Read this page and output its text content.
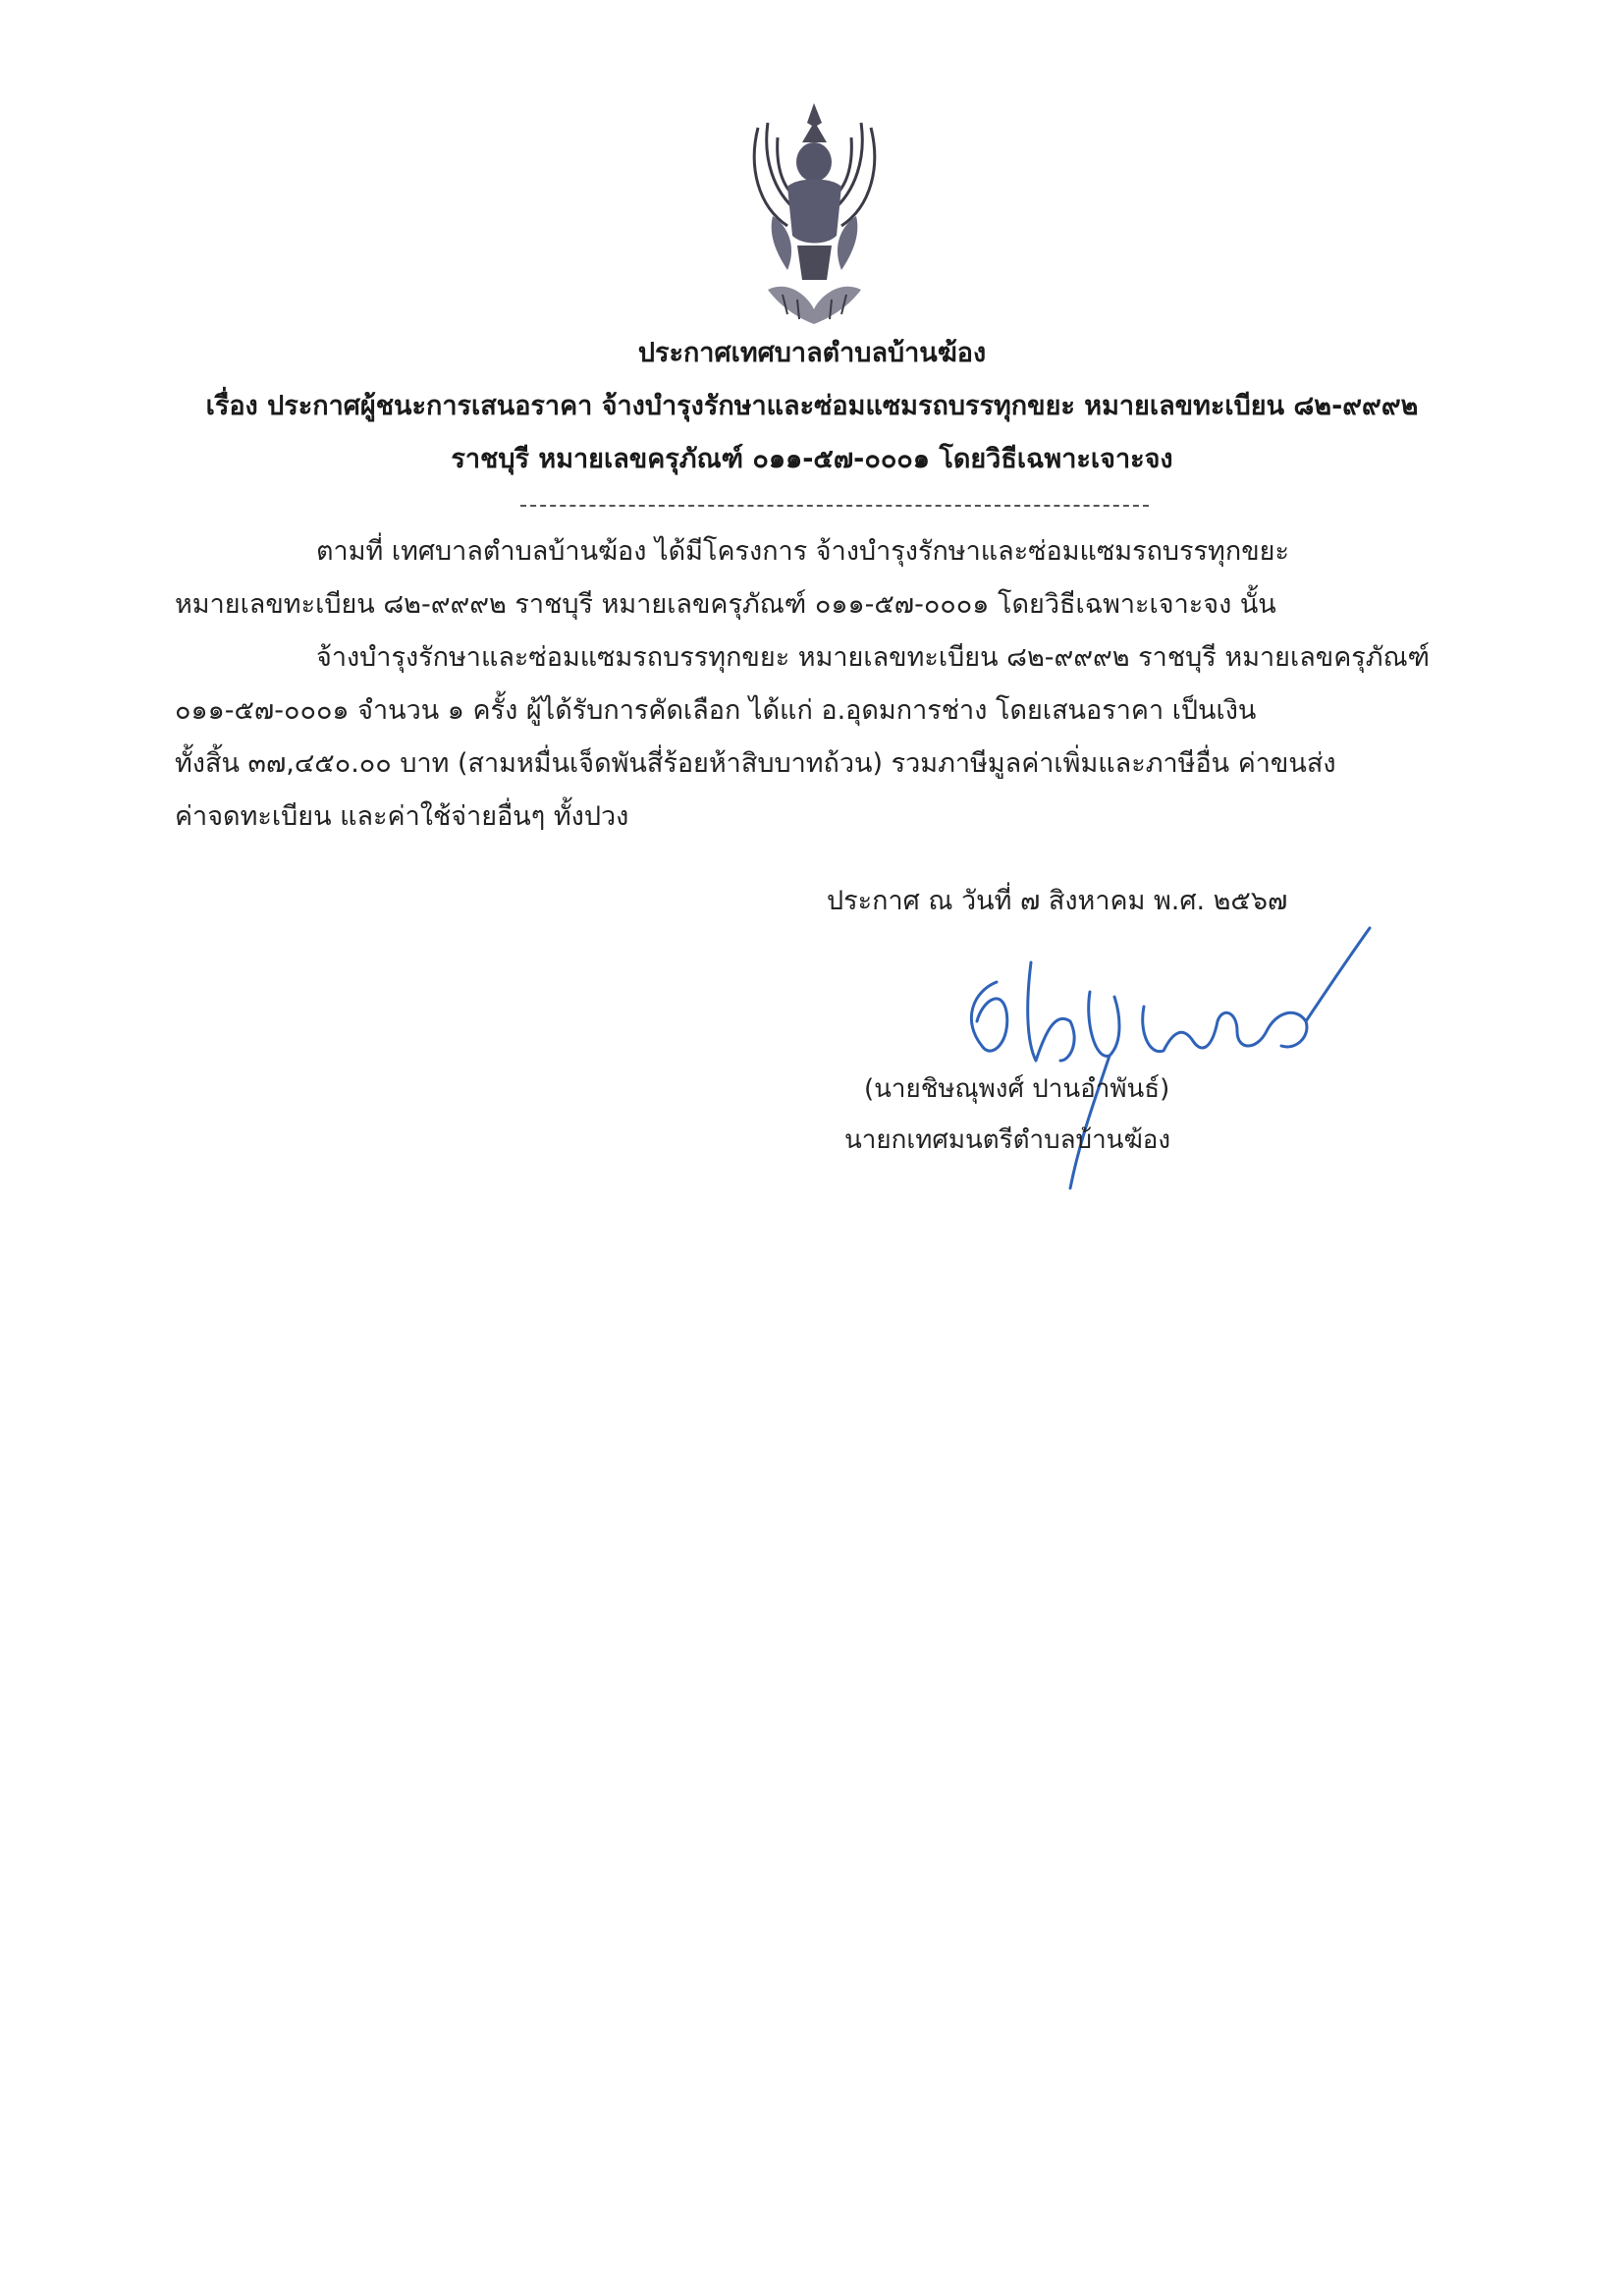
ประกาศเทศบาลตำบลบ้านฆ้อง
เรื่อง ประกาศผู้ชนะการเสนอราคา จ้างบำรุงรักษาและซ่อมแซมรถบรรทุกขยะ หมายเลขทะเบียน ๘๒-๙๙๙๒
ราชบุรี หมายเลขครุภัณฑ์ ๐๑๑-๕๗-๐๐๐๑ โดยวิธีเฉพาะเจาะจง
ตามที่ เทศบาลตำบลบ้านฆ้อง ได้มีโครงการ จ้างบำรุงรักษาและซ่อมแซมรถบรรทุกขยะ
หมายเลขทะเบียน ๘๒-๙๙๙๒ ราชบุรี หมายเลขครุภัณฑ์ ๐๑๑-๕๗-๐๐๐๑ โดยวิธีเฉพาะเจาะจง นั้น
จ้างบำรุงรักษาและซ่อมแซมรถบรรทุกขยะ หมายเลขทะเบียน ๘๒-๙๙๙๒ ราชบุรี หมายเลขครุภัณฑ์
๐๑๑-๕๗-๐๐๐๑ จำนวน ๑ ครั้ง ผู้ได้รับการคัดเลือก ได้แก่ อ.อุดมการช่าง โดยเสนอราคา เป็นเงิน
ทั้งสิ้น ๓๗,๔๕๐.๐๐ บาท (สามหมื่นเจ็ดพันสี่ร้อยห้าสิบบาทถ้วน) รวมภาษีมูลค่าเพิ่มและภาษีอื่น ค่าขนส่ง
ค่าจดทะเบียน และค่าใช้จ่ายอื่นๆ ทั้งปวง
ประกาศ ณ วันที่ ๗ สิงหาคม พ.ศ. ๒๕๖๗
(นายชิษณุพงศ์ ปานอำพันธ์)
นายกเทศมนตรีตำบลบ้านฆ้อง
